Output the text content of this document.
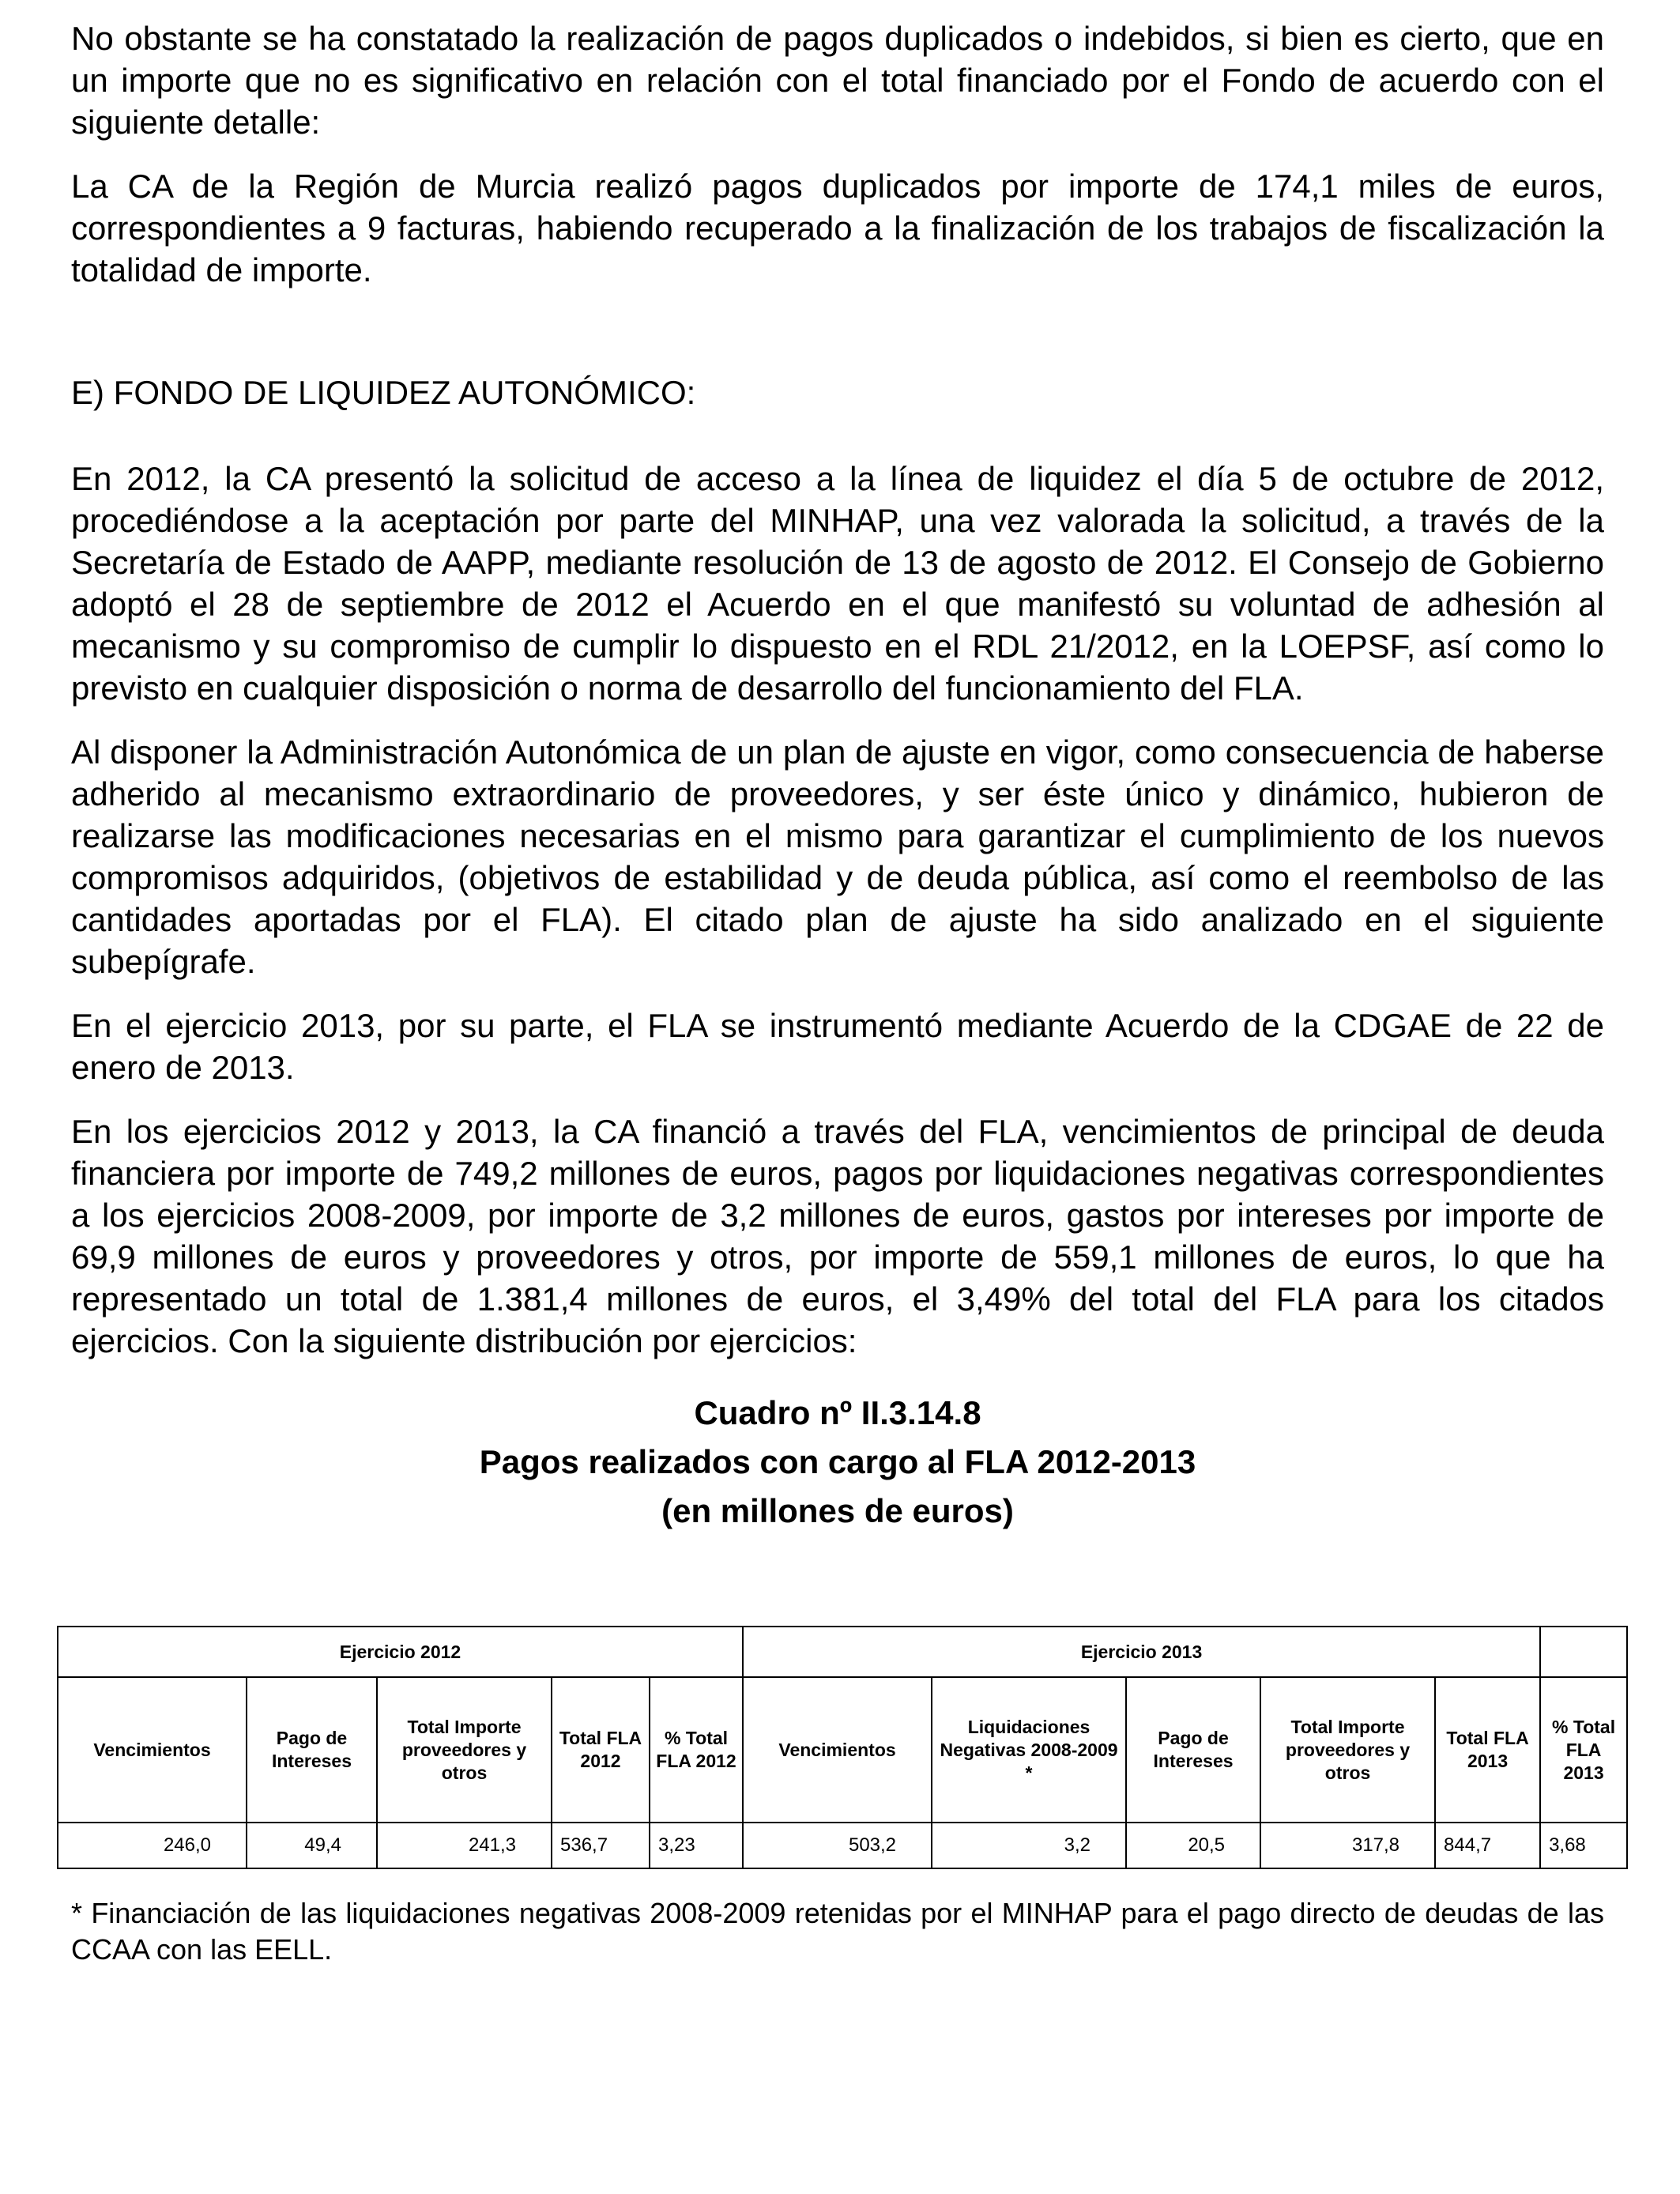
No obstante se ha constatado la realización de pagos duplicados o indebidos, si bien es cierto, que en un importe que no es significativo en relación con el total financiado por el Fondo de acuerdo con el siguiente detalle:

La CA de la Región de Murcia realizó pagos duplicados por importe de 174,1 miles de euros, correspondientes a 9 facturas, habiendo recuperado a la finalización de los trabajos de fiscalización la totalidad de importe.

E) FONDO DE LIQUIDEZ AUTONÓMICO:

En 2012, la CA presentó la solicitud de acceso a la línea de liquidez el día 5 de octubre de 2012, procediéndose a la aceptación por parte del MINHAP, una vez valorada la solicitud, a través de la Secretaría de Estado de AAPP, mediante resolución de 13 de agosto de 2012. El Consejo de Gobierno adoptó el 28 de septiembre de 2012 el Acuerdo en el que manifestó su voluntad de adhesión al mecanismo y su compromiso de cumplir lo dispuesto en el RDL 21/2012, en la LOEPSF, así como lo previsto en cualquier disposición o norma de desarrollo del funcionamiento del FLA.

Al disponer la Administración Autonómica de un plan de ajuste en vigor, como consecuencia de haberse adherido al mecanismo extraordinario de proveedores, y ser éste único y dinámico, hubieron de realizarse las modificaciones necesarias en el mismo para garantizar el cumplimiento de los nuevos compromisos adquiridos, (objetivos de estabilidad y de deuda pública, así como el reembolso de las cantidades aportadas por el FLA). El citado plan de ajuste ha sido analizado en el siguiente subepígrafe.

En el ejercicio 2013, por su parte, el FLA se instrumentó mediante Acuerdo de la CDGAE de 22 de enero de 2013.

En los ejercicios 2012 y 2013, la CA financió a través del FLA, vencimientos de principal de deuda financiera por importe de 749,2 millones de euros, pagos por liquidaciones negativas correspondientes a los ejercicios 2008-2009, por importe de 3,2 millones de euros, gastos por intereses por importe de 69,9 millones de euros y proveedores y otros, por importe de 559,1 millones de euros, lo que ha representado un total de 1.381,4 millones de euros, el 3,49% del total del FLA para los citados ejercicios. Con la siguiente distribución por ejercicios:

Cuadro nº II.3.14.8
Pagos realizados con cargo al FLA 2012-2013
(en millones de euros)
Ejercicio 2012					Ejercicio 2013					
Vencimientos	Pago de Intereses	Total Importe proveedores y otros	Total FLA 2012	% Total FLA 2012	Vencimientos	Liquidaciones Negativas 2008-2009 *	Pago de Intereses	Total Importe proveedores y otros	Total FLA 2013	% Total FLA 2013
246,0	49,4	241,3	536,7	3,23	503,2	3,2	20,5	317,8	844,7	3,68

* Financiación de las liquidaciones negativas 2008-2009 retenidas por el MINHAP para el pago directo de deudas de las CCAA con las EELL.
